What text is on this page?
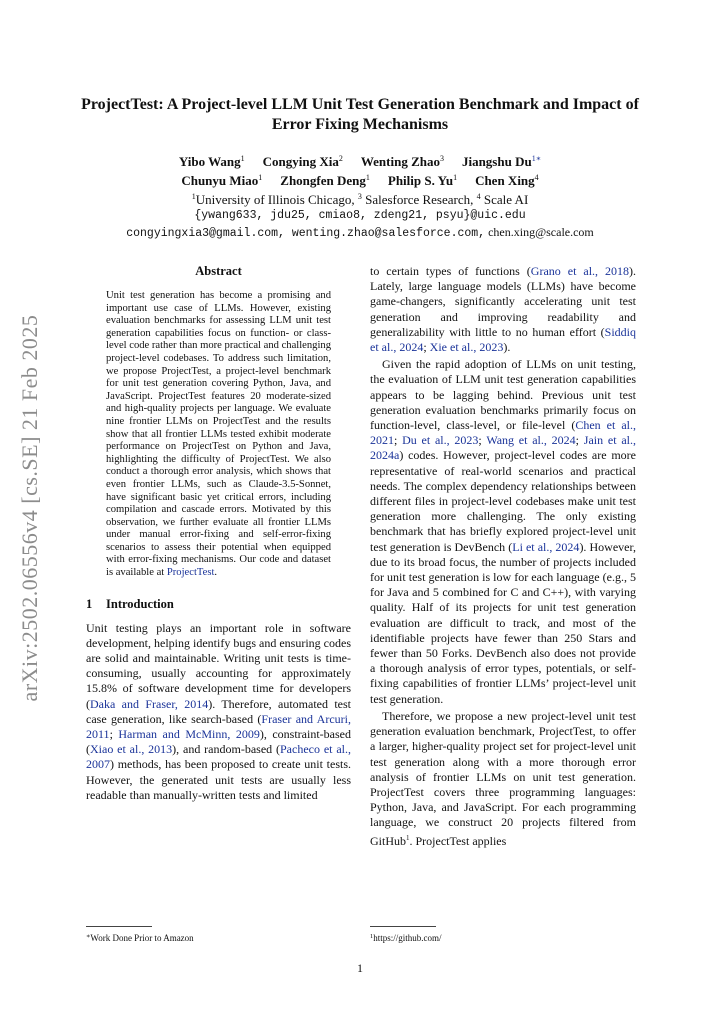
arXiv:2502.06556v4 [cs.SE] 21 Feb 2025
ProjectTest: A Project-level LLM Unit Test Generation Benchmark and Impact of Error Fixing Mechanisms
Yibo Wang$^1$ Congying Xia$^2$ Wenting Zhao$^3$ Jiangshu $Du^{1∗}$
Chunyu Miao$^1$ Zhongfen Deng$^1$ Philip S. Yu$^1$ Chen Xing$^4$
$^1$University of Illinois Chicago, $^3$ Salesforce Research, $^4$ Scale AI
{ywang633, jdu25, cmiao8, zdeng21, psyu}@uic.edu
congyingxia3@gmail.com, wenting.zhao@salesforce.com, chen.xing@scale.com
Abstract

Unit test generation has become a promising and important use case of LLMs. However, existing evaluation benchmarks for assessing LLM unit test generation capabilities focus on function- or class-level code rather than more practical and challenging project-level codebases. To address such limitation, we propose ProjectTest, a project-level benchmark for unit test generation covering Python, Java, and JavaScript. ProjectTest features 20 moderate-sized and high-quality projects per language. We evaluate nine frontier LLMs on ProjectTest and the results show that all frontier LLMs tested exhibit moderate performance on ProjectTest on Python and Java, highlighting the difficulty of ProjectTest. We also conduct a thorough error analysis, which shows that even frontier LLMs, such as Claude-3.5-Sonnet, have significant basic yet critical errors, including compilation and cascade errors. Motivated by this observation, we further evaluate all frontier LLMs under manual error-fixing and self-error-fixing scenarios to assess their potential when equipped with error-fixing mechanisms. Our code and dataset is available at ProjectTest.

1 Introduction

Unit testing plays an important role in software development, helping identify bugs and ensuring codes are solid and maintainable. Writing unit tests is time-consuming, usually accounting for approximately 15.8% of software development time for developers (Daka and Fraser, 2014). Therefore, automated test case generation, like search-based (Fraser and Arcuri, 2011; Harman and McMinn, 2009), constraint-based (Xiao et al., 2013), and random-based (Pacheco et al., 2007) methods, has been proposed to create unit tests. However, the generated unit tests are usually less readable than manually-written tests and limited

to certain types of functions (Grano et al., 2018). Lately, large language models (LLMs) have become game-changers, significantly accelerating unit test generation and improving readability and generalizability with little to no human effort (Siddiq et al., 2024; Xie et al., 2023).

Given the rapid adoption of LLMs on unit testing, the evaluation of LLM unit test generation capabilities appears to be lagging behind. Previous unit test generation evaluation benchmarks primarily focus on function-level, class-level, or file-level (Chen et al., 2021; Du et al., 2023; Wang et al., 2024; Jain et al., 2024a) codes. However, project-level codes are more representative of real-world scenarios and practical needs. The complex dependency relationships between different files in project-level codebases make unit test generation more challenging. The only existing benchmark that has briefly explored project-level unit test generation is DevBench (Li et al., 2024). However, due to its broad focus, the number of projects included for unit test generation is low for each language (e.g., 5 for Java and 5 combined for C and C++), with varying quality. Half of its projects for unit test generation evaluation are difficult to track, and most of the identifiable projects have fewer than 250 Stars and fewer than 50 Forks. DevBench also does not provide a thorough analysis of error types, potentials, or self-fixing capabilities of frontier LLMs’ project-level unit test generation.

Therefore, we propose a new project-level unit test generation evaluation benchmark, ProjectTest, to offer a larger, higher-quality project set for project-level unit test generation along with a more thorough error analysis of frontier LLMs on unit test generation. ProjectTest covers three programming languages: Python, Java, and JavaScript. For each programming language, we construct 20 projects filtered from GitHub$^1$. ProjectTest applies

∗Work Done Prior to Amazon	$^1$https://github.com/
1
